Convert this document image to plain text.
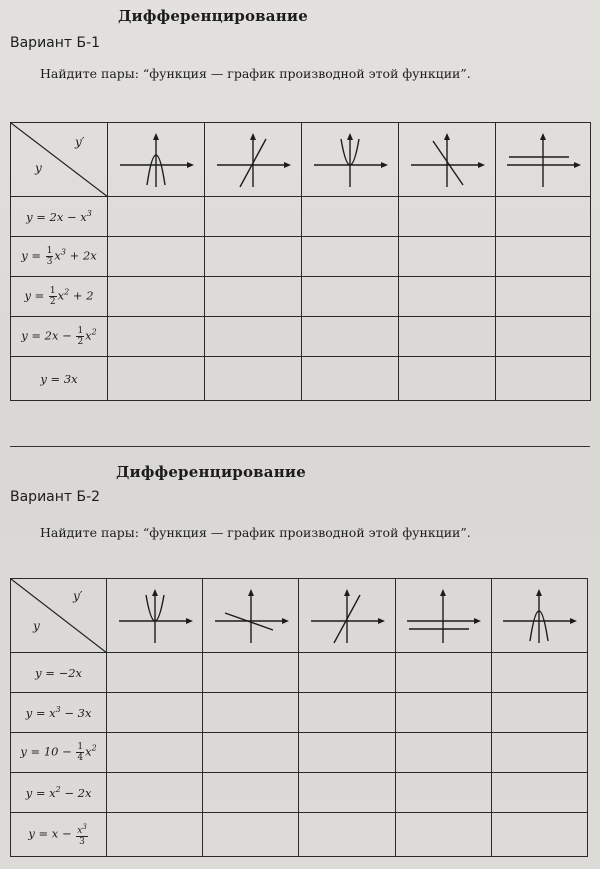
Дифференцирование
Вариант Б-1
Найдите пары: “функция — график производной этой функции”.
y′
y

$y = 2x - x^3$					
$y = \frac{1}{3} x^3 + 2x$					
$y = \frac{1}{2} x^2 + 2$					
$y = 2x - \frac{1}{2} x^2$					
y = 3x					
Дифференцирование
Вариант Б-2
Найдите пары: “функция — график производной этой функции”.
y′
y

y = −2x					
$y = x^3 - 3x$					
$y = 10 - \frac{1}{4} x^2$					
$y = x^2 - 2x$					
$y = x - \frac{x^3}{3}$
